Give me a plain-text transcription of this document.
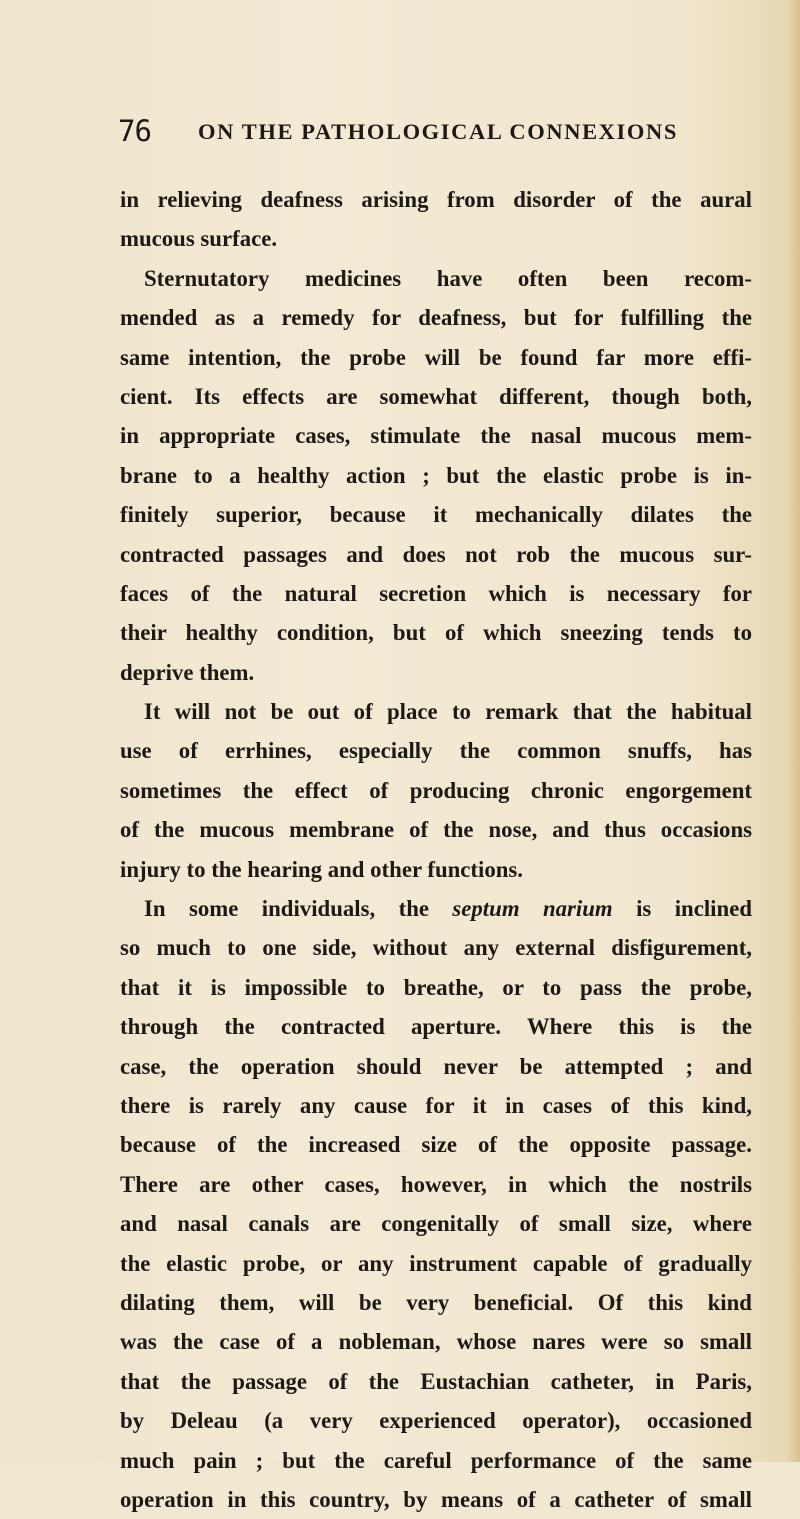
76 ON THE PATHOLOGICAL CONNEXIONS
in relieving deafness arising from disorder of the aural
mucous surface.
Sternutatory medicines have often been recom-
mended as a remedy for deafness, but for fulfilling the
same intention, the probe will be found far more effi-
cient. Its effects are somewhat different, though both,
in appropriate cases, stimulate the nasal mucous mem-
brane to a healthy action ; but the elastic probe is in-
finitely superior, because it mechanically dilates the
contracted passages and does not rob the mucous sur-
faces of the natural secretion which is necessary for
their healthy condition, but of which sneezing tends to
deprive them.
It will not be out of place to remark that the habitual
use of errhines, especially the common snuffs, has
sometimes the effect of producing chronic engorgement
of the mucous membrane of the nose, and thus occasions
injury to the hearing and other functions.
In some individuals, the septum narium is inclined
so much to one side, without any external disfigurement,
that it is impossible to breathe, or to pass the probe,
through the contracted aperture. Where this is the
case, the operation should never be attempted ; and
there is rarely any cause for it in cases of this kind,
because of the increased size of the opposite passage.
There are other cases, however, in which the nostrils
and nasal canals are congenitally of small size, where
the elastic probe, or any instrument capable of gradually
dilating them, will be very beneficial. Of this kind
was the case of a nobleman, whose nares were so small
that the passage of the Eustachian catheter, in Paris,
by Deleau (a very experienced operator), occasioned
much pain ; but the careful performance of the same
operation in this country, by means of a catheter of small
